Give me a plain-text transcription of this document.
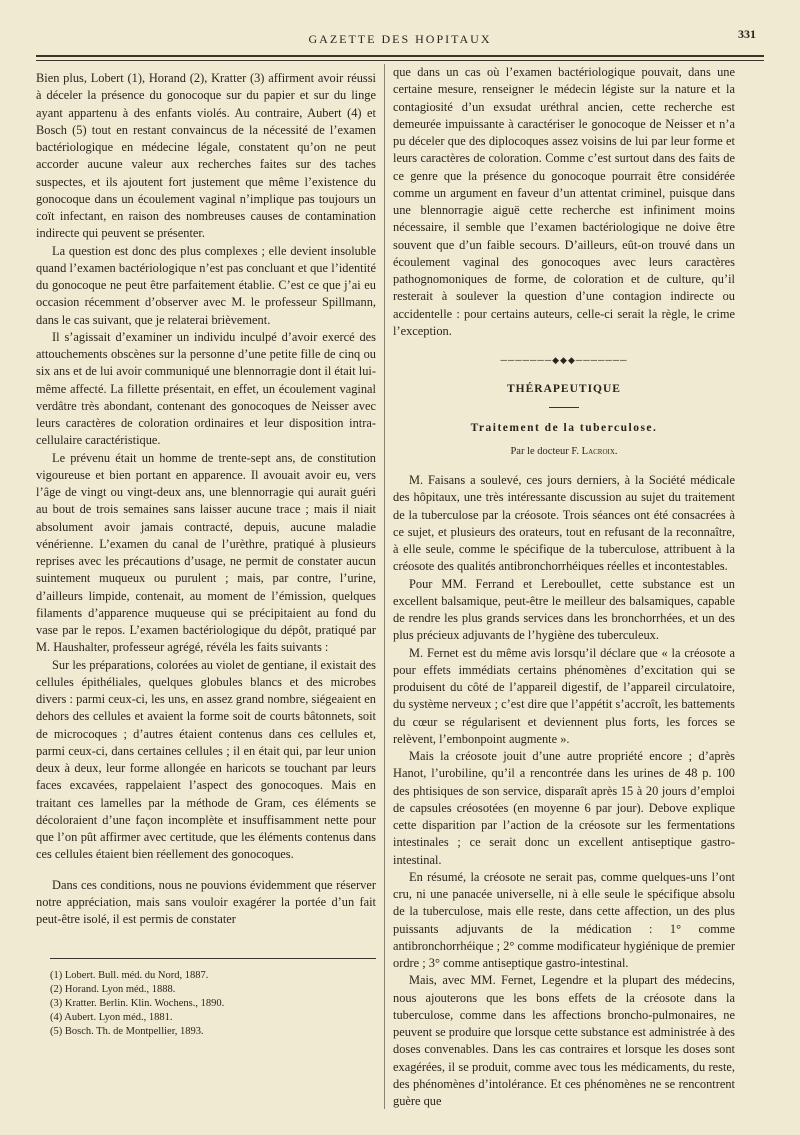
GAZETTE DES HOPITAUX	331

Bien plus, Lobert (1), Horand (2), Kratter (3) affirment avoir réussi à déceler la présence du gonocoque sur du papier et sur du linge ayant appartenu à des enfants violés. Au contraire, Aubert (4) et Bosch (5) tout en restant convaincus de la nécessité de l’examen bactériologique en médecine légale, constatent qu’on ne peut accorder aucune valeur aux recherches faites sur des taches suspectes, et ils ajoutent fort justement que même l’existence du gonocoque dans un écoulement vaginal n’implique pas toujours un coït infectant, en raison des nombreuses causes de contamination indirecte qui peuvent se présenter.

La question est donc des plus complexes ; elle devient insoluble quand l’examen bactériologique n’est pas concluant et que l’identité du gonocoque ne peut être parfaitement établie. C’est ce que j’ai eu occasion récemment d’observer avec M. le professeur Spillmann, dans le cas suivant, que je relaterai brièvement.

Il s’agissait d’examiner un individu inculpé d’avoir exercé des attouchements obscènes sur la personne d’une petite fille de cinq ou six ans et de lui avoir communiqué une blennorragie dont il était lui-même affecté. La fillette présentait, en effet, un écoulement vaginal verdâtre très abondant, contenant des gonocoques de Neisser avec leurs caractères de coloration ordinaires et leur disposition intra-cellulaire caractéristique.

Le prévenu était un homme de trente-sept ans, de constitution vigoureuse et bien portant en apparence. Il avouait avoir eu, vers l’âge de vingt ou vingt-deux ans, une blennorragie qui aurait guéri au bout de trois semaines sans laisser aucune trace ; mais il niait absolument avoir jamais contracté, depuis, aucune maladie vénérienne. L’examen du canal de l’urèthre, pratiqué à plusieurs reprises avec les précautions d’usage, ne permit de constater aucun suintement muqueux ou purulent ; mais, par contre, l’urine, d’ailleurs limpide, contenait, au moment de l’émission, quelques filaments d’apparence muqueuse qui se précipitaient au fond du vase par le repos. L’examen bactériologique du dépôt, pratiqué par M. Haushalter, professeur agrégé, révéla les faits suivants :

Sur les préparations, colorées au violet de gentiane, il existait des cellules épithéliales, quelques globules blancs et des microbes divers : parmi ceux-ci, les uns, en assez grand nombre, siégeaient en dehors des cellules et avaient la forme soit de courts bâtonnets, soit de microcoques ; d’autres étaient contenus dans ces cellules et, parmi ceux-ci, dans certaines cellules ; il en était qui, par leur union deux à deux, leur forme allongée en haricots se touchant par leurs faces excavées, rappelaient l’aspect des gonocoques. Mais en traitant ces lamelles par la méthode de Gram, ces éléments se décoloraient d’une façon incomplète et insuffisamment nette pour que l’on pût affirmer avec certitude, que les éléments contenus dans ces cellules étaient bien réellement des gonocoques.

Dans ces conditions, nous ne pouvions évidemment que réserver notre appréciation, mais sans vouloir exagérer la portée d’un fait peut-être isolé, il est permis de constater

(1) Lobert. Bull. méd. du Nord, 1887.
(2) Horand. Lyon méd., 1888.
(3) Kratter. Berlin. Klin. Wochens., 1890.
(4) Aubert. Lyon méd., 1881.
(5) Bosch. Th. de Montpellier, 1893.

que dans un cas où l’examen bactériologique pouvait, dans une certaine mesure, renseigner le médecin légiste sur la nature et la contagiosité d’un exsudat uréthral ancien, cette recherche est demeurée impuissante à caractériser le gonocoque de Neisser et n’a pu déceler que des diplocoques assez voisins de lui par leur forme et leurs caractères de coloration. Comme c’est surtout dans des faits de ce genre que la présence du gonocoque pourrait être considérée comme un argument en faveur d’un attentat criminel, puisque dans une blennorragie aiguë cette recherche est infiniment moins nécessaire, il semble que l’examen bactériologique ne doive être souvent que d’un faible secours. D’ailleurs, eût-on trouvé dans un écoulement vaginal des gonocoques avec leurs caractères pathognomoniques de forme, de coloration et de culture, qu’il resterait à soulever la question d’une contagion indirecte ou accidentelle : pour certains auteurs, celle-ci serait la règle, le crime l’exception.

───────◆◆◆───────
THÉRAPEUTIQUE
Traitement de la tuberculose.
Par le docteur F. Lacroix.

M. Faisans a soulevé, ces jours derniers, à la Société médicale des hôpitaux, une très intéressante discussion au sujet du traitement de la tuberculose par la créosote. Trois séances ont été consacrées à ce sujet, et plusieurs des orateurs, tout en refusant de la reconnaître, à elle seule, comme le spécifique de la tuberculose, attribuent à la créosote des qualités antibronchorrhéiques réelles et incontestables.

Pour MM. Ferrand et Lereboullet, cette substance est un excellent balsamique, peut-être le meilleur des balsamiques, capable de rendre les plus grands services dans les bronchorrhées, et un des plus précieux adjuvants de l’hygiène des tuberculeux.

M. Fernet est du même avis lorsqu’il déclare que « la créosote a pour effets immédiats certains phénomènes d’excitation qui se produisent du côté de l’appareil digestif, de l’appareil circulatoire, du système nerveux ; c’est dire que l’appétit s’accroît, les battements du cœur se régularisent et deviennent plus forts, les forces se relèvent, l’embonpoint augmente ».

Mais la créosote jouit d’une autre propriété encore ; d’après Hanot, l’urobiline, qu’il a rencontrée dans les urines de 48 p. 100 des phtisiques de son service, disparaît après 15 à 20 jours d’emploi de capsules créosotées (en moyenne 6 par jour). Debove explique cette disparition par l’action de la créosote sur les fermentations intestinales ; ce serait donc un excellent antiseptique gastro-intestinal.

En résumé, la créosote ne serait pas, comme quelques-uns l’ont cru, ni une panacée universelle, ni à elle seule le spécifique absolu de la tuberculose, mais elle reste, dans cette affection, un des plus puissants adjuvants de la médication : 1° comme antibronchorrhéique ; 2° comme modificateur hygiénique de premier ordre ; 3° comme antiseptique gastro-intestinal.

Mais, avec MM. Fernet, Legendre et la plupart des médecins, nous ajouterons que les bons effets de la créosote dans la tuberculose, comme dans les affections broncho-pulmonaires, ne peuvent se produire que lorsque cette substance est administrée à des doses convenables. Dans les cas contraires et lorsque les doses sont exagérées, il se produit, comme avec tous les médicaments, du reste, des phénomènes d’intolérance. Et ces phénomènes ne se rencontrent guère que
